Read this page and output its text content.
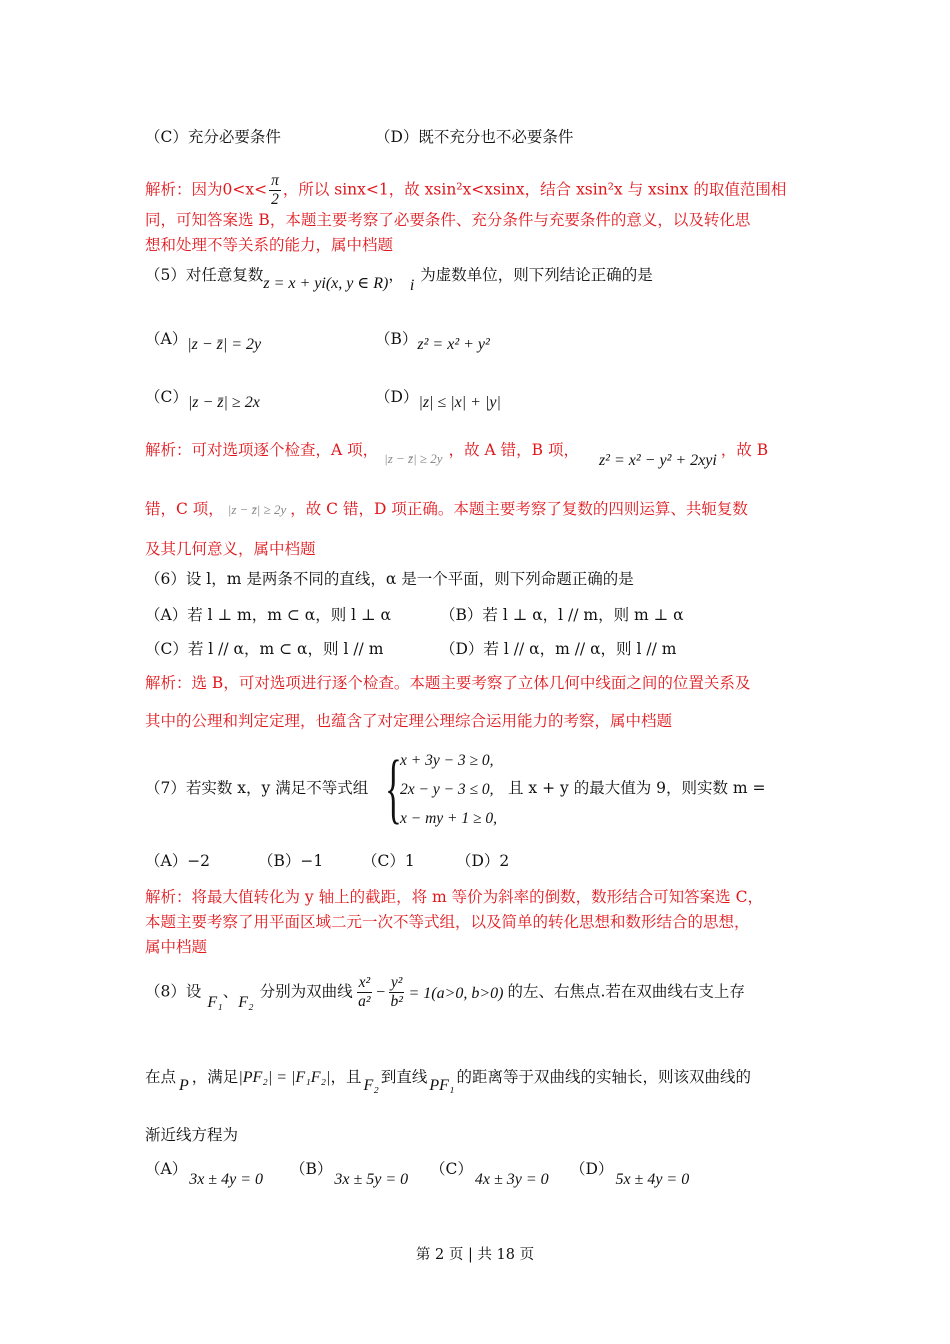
（C）充分必要条件	（D）既不充分也不必要条件
解析：因为$0<x< \frac{\pi}{2}$ ，所以 sinx<1，故 xsin²x<xsinx，结合 xsin²x 与 xsinx 的取值范围相
同，可知答案选 B，本题主要考察了必要条件、充分条件与充要条件的意义，以及转化思
想和处理不等关系的能力，属中档题
（5）对任意复数z = x + yi(x, y ∈ R)，i为虚数单位，则下列结论正确的是
（A）|z − z̄| = 2y	（B）z² = x² + y²
（C）|z − z̄| ≥ 2x	（D）|z| ≤ |x| + |y|
解析：可对选项逐个检查，A 项， $_{|z - z̄| \ge 2y}$ ，故 A 错，B 项，z² = x² − y² + 2xyi，故 B
错，C 项， |z − z̄| ≥ 2y ，故 C 错，D 项正确。本题主要考察了复数的四则运算、共轭复数
及其几何意义，属中档题
（6）设 l，m 是两条不同的直线，α 是一个平面，则下列命题正确的是
（A）若 l ⊥ m，m ⊂ α，则 l ⊥ α	（B）若 l ⊥ α，l // m，则 m ⊥ α
（C）若 l // α，m ⊂ α，则 l // m	（D）若 l // α，m // α，则 l // m
解析：选 B，可对选项进行逐个检查。本题主要考察了立体几何中线面之间的位置关系及
其中的公理和判定定理，也蕴含了对定理公理综合运用能力的考察，属中档题
（7）若实数 x，y 满足不等式组 {
x + 3y − 3 ≥ 0,
2x − y − 3 ≤ 0,
x − my + 1 ≥ 0,
且 x + y 的最大值为 9，则实数 m =
（A）−2	（B）−1	（C）1	（D）2
解析：将最大值转化为 y 轴上的截距，将 m 等价为斜率的倒数，数形结合可知答案选 C，
本题主要考察了用平面区域二元一次不等式组，以及简单的转化思想和数形结合的思想，
属中档题
（8）设F₁、F₂分别为双曲线 $\frac{\text{x²}}{\text{a²}} - \frac{\text{y²}}{\text{b²}} = 1(a>0$, b>0) 的左、右焦点.若在双曲线右支上存
在点 P ，满足|PF₂| = |F₁F₂|，且 F₂ 到直线 PF₁ 的距离等于双曲线的实轴长，则该双曲线的
渐近线方程为
（A）3x ± 4y = 0
（B）3x ± 5y = 0
（C）4x ± 3y = 0
（D）5x ± 4y = 0
第 2 页 | 共 18 页
